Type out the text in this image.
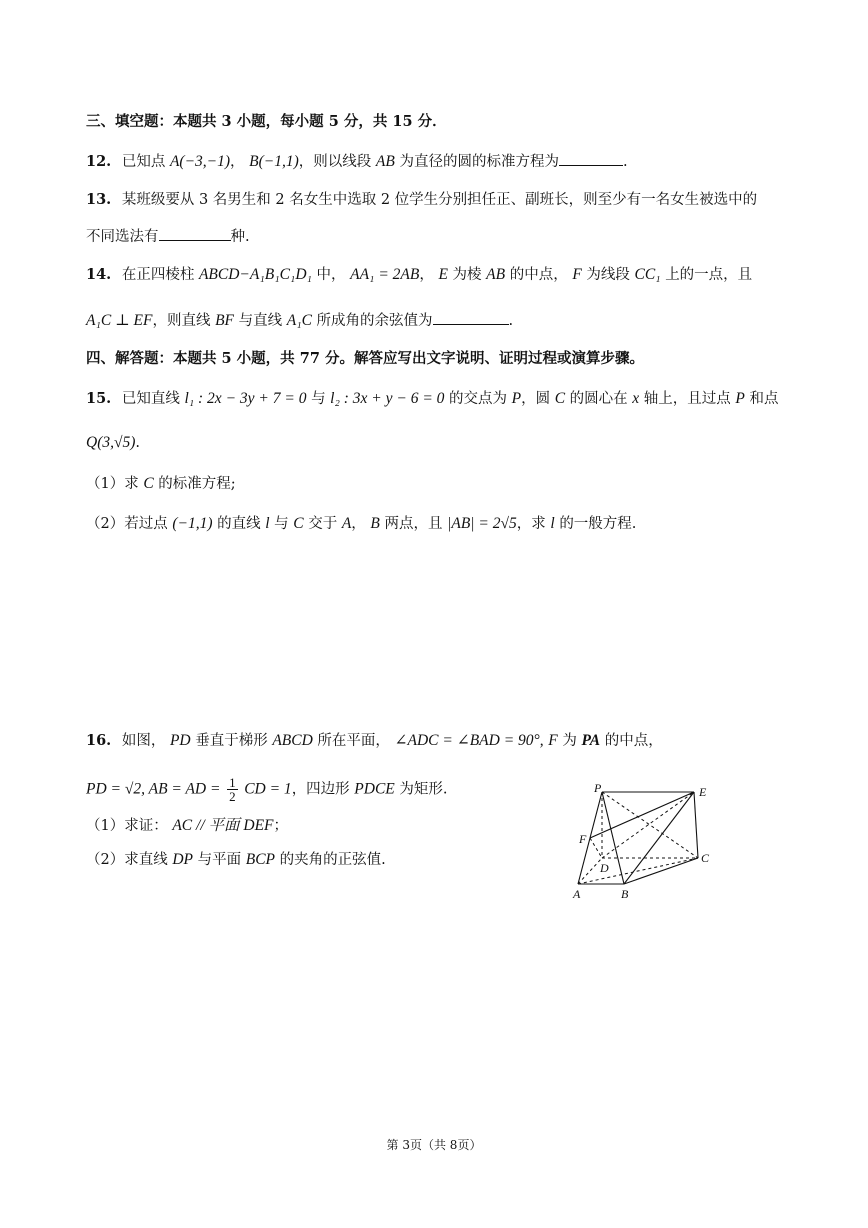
三、填空题：本题共 3 小题，每小题 5 分，共 15 分．
12. 已知点 A(−3,−1)， B(−1,1)，则以线段 AB 为直径的圆的标准方程为	.
13. 某班级要从 3 名男生和 2 名女生中选取 2 位学生分别担任正、副班长，则至少有一名女生被选中的
不同选法有	种.
14. 在正四棱柱 ABCD−A₁B₁C₁D₁ 中， AA₁ = 2AB， E 为棱 AB 的中点， F 为线段 CC₁ 上的一点，且
A₁C ⊥ EF，则直线 BF 与直线 A₁C 所成角的余弦值为	.
四、解答题：本题共 5 小题，共 77 分。解答应写出文字说明、证明过程或演算步骤。
15. 已知直线 l₁ : 2x − 3y + 7 = 0 与 l₂ : 3x + y − 6 = 0 的交点为 P，圆 C 的圆心在 x 轴上，且过点 P 和点
Q(3,√5).
（1）求 C 的标准方程;
（2）若过点 (−1,1) 的直线 l 与 C 交于 A， B 两点，且 |AB| = 2√5，求 l 的一般方程.
16. 如图， PD 垂直于梯形 ABCD 所在平面， ∠ADC = ∠BAD = 90°, F 为 PA 的中点，
PD = √2, AB = AD = $\frac{1}{2}$ CD = 1，四边形 PDCE 为矩形.
（1）求证： AC // 平面 DEF；
（2）求直线 DP 与平面 BCP 的夹角的正弦值.
P	E
F
D
C
A	B
第 3页（共 8页）
